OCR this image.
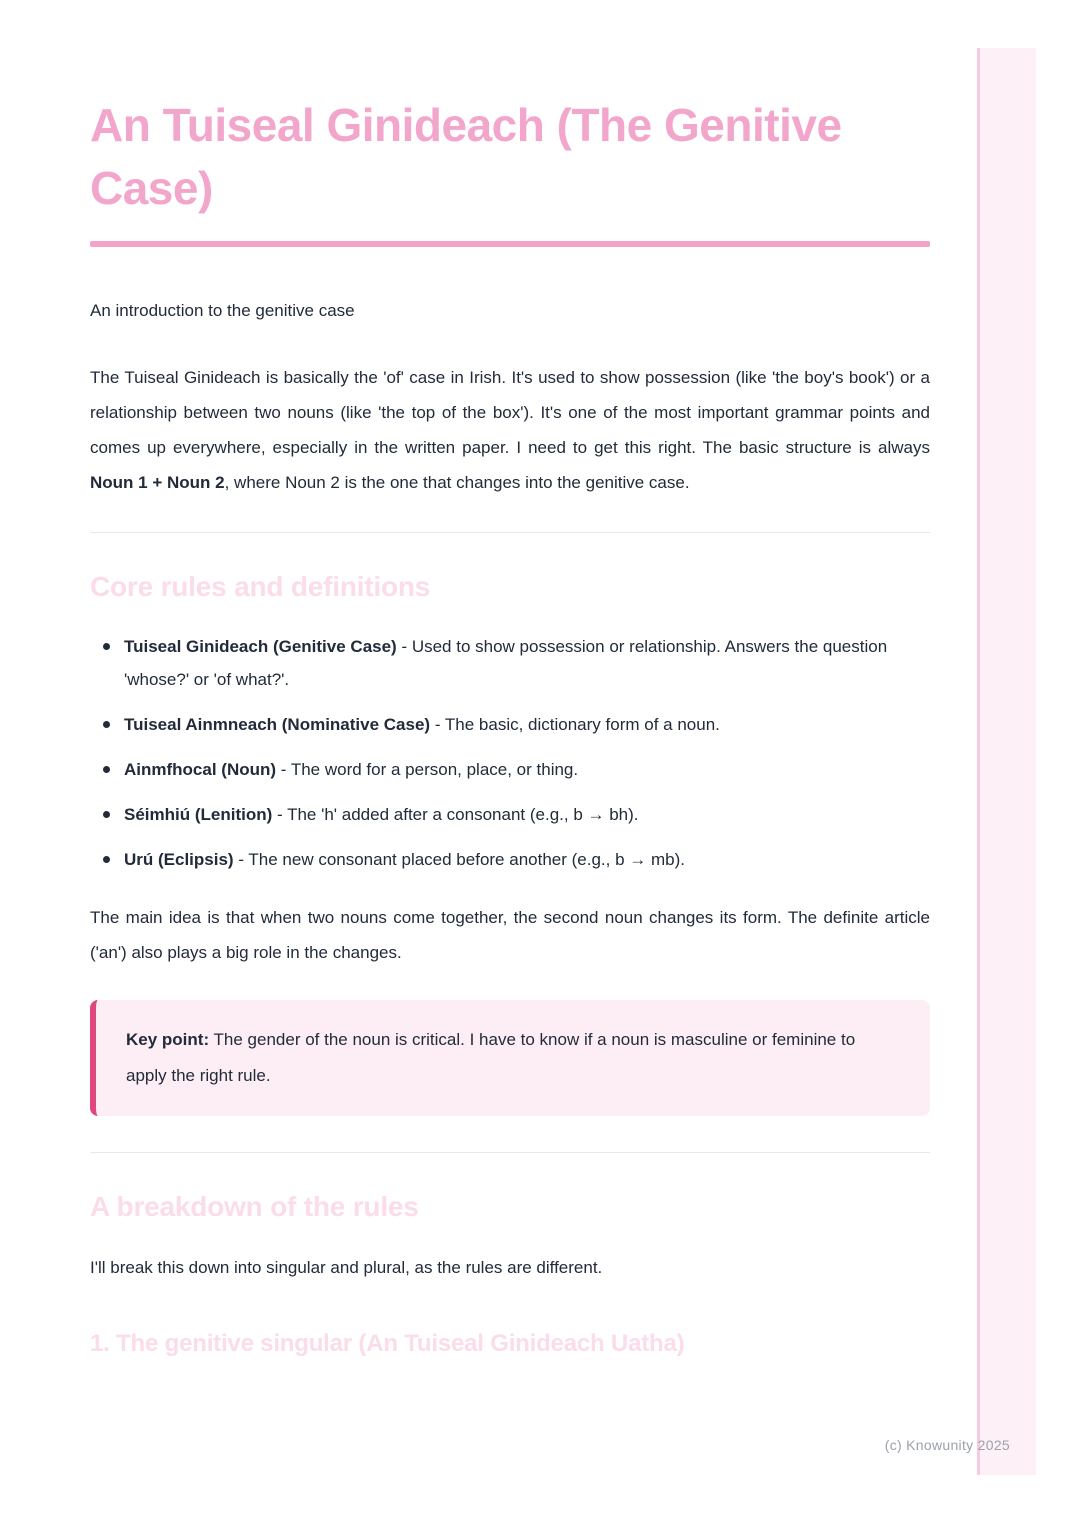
An Tuiseal Ginideach (The Genitive Case)

An introduction to the genitive case

The Tuiseal Ginideach is basically the 'of' case in Irish. It's used to show possession (like 'the boy's book') or a relationship between two nouns (like 'the top of the box'). It's one of the most important grammar points and comes up everywhere, especially in the written paper. I need to get this right. The basic structure is always Noun 1 + Noun 2, where Noun 2 is the one that changes into the genitive case.

Core rules and definitions
Tuiseal Ginideach (Genitive Case) - Used to show possession or relationship. Answers the question 'whose?' or 'of what?'.
Tuiseal Ainmneach (Nominative Case) - The basic, dictionary form of a noun.
Ainmfhocal (Noun) - The word for a person, place, or thing.
Séimhiú (Lenition) - The 'h' added after a consonant (e.g., b → bh).
Urú (Eclipsis) - The new consonant placed before another (e.g., b → mb).

The main idea is that when two nouns come together, the second noun changes its form. The definite article ('an') also plays a big role in the changes.

Key point: The gender of the noun is critical. I have to know if a noun is masculine or feminine to apply the right rule.

A breakdown of the rules

I'll break this down into singular and plural, as the rules are different.

1. The genitive singular (An Tuiseal Ginideach Uatha)
(c) Knowunity 2025
